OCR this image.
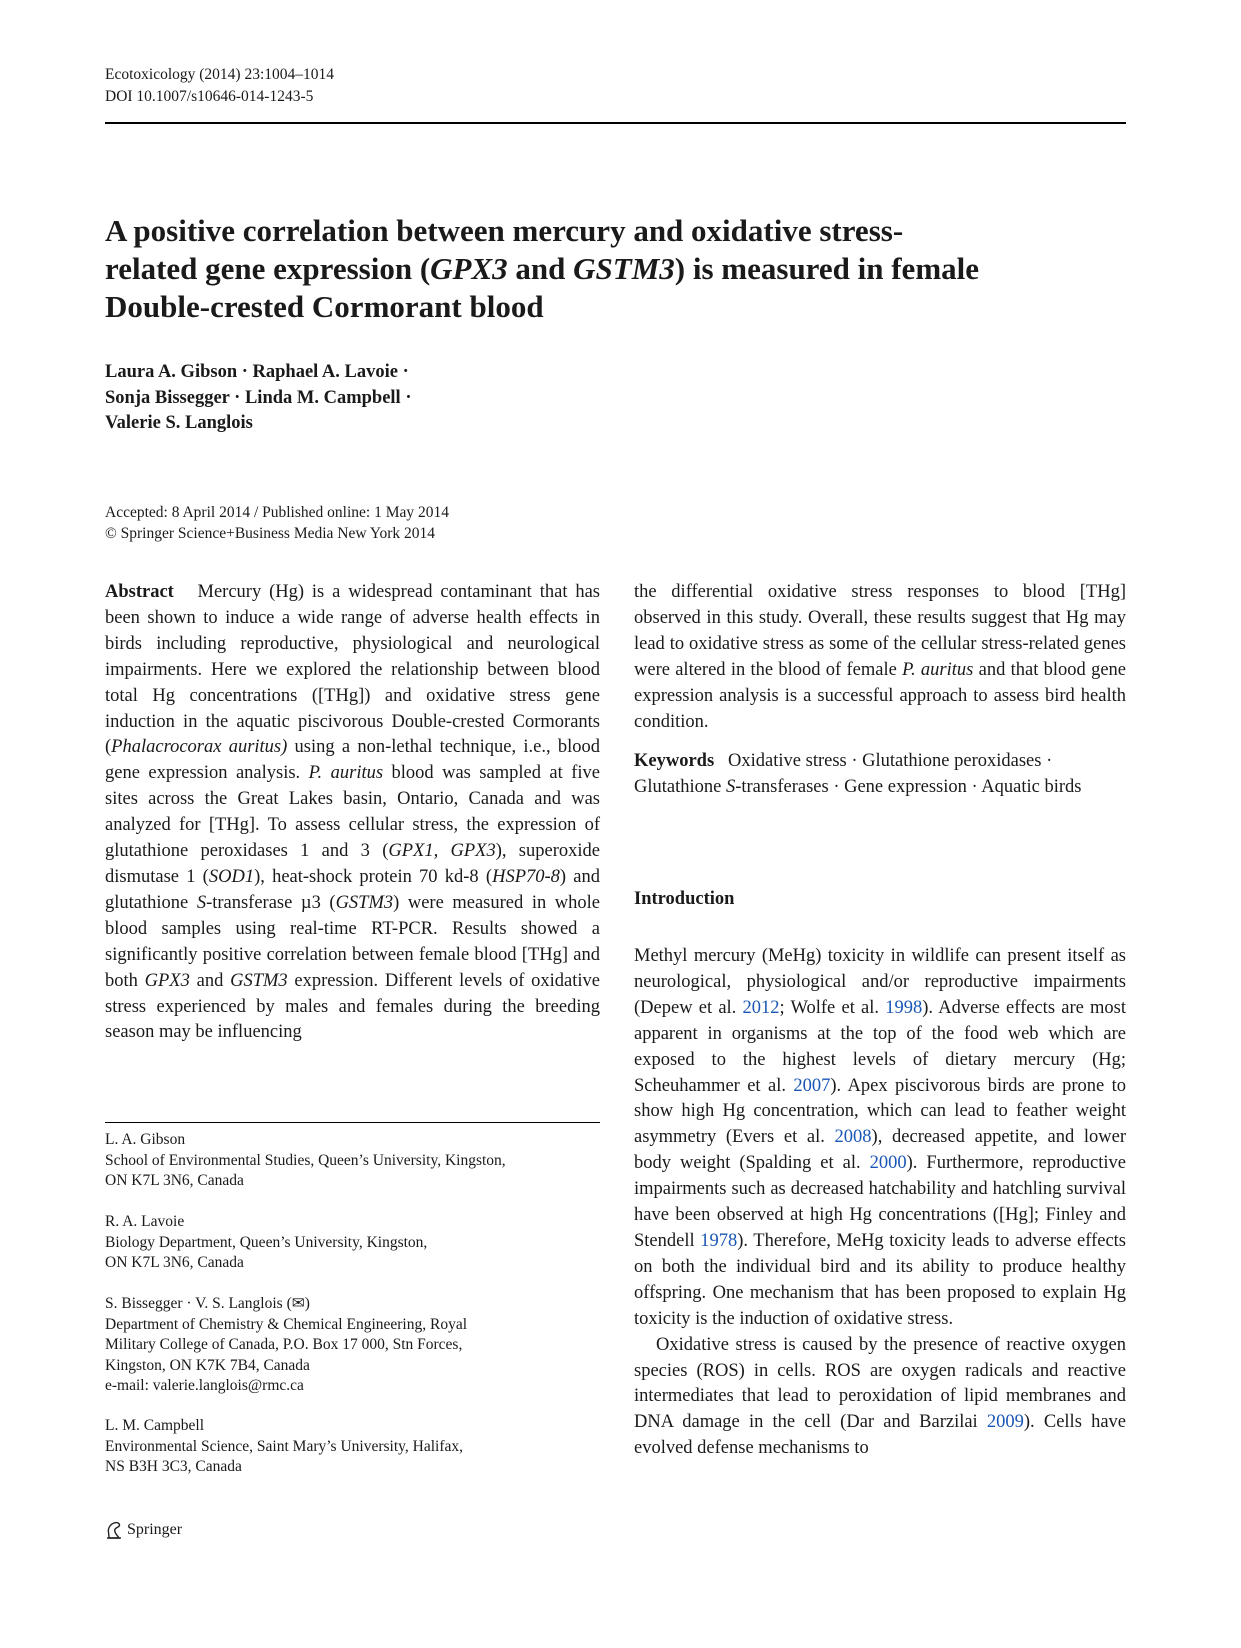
Ecotoxicology (2014) 23:1004–1014
DOI 10.1007/s10646-014-1243-5
A positive correlation between mercury and oxidative stress-
related gene expression (GPX3 and GSTM3) is measured in female
Double-crested Cormorant blood
Laura A. Gibson · Raphael A. Lavoie ·
Sonja Bissegger · Linda M. Campbell ·
Valerie S. Langlois
Accepted: 8 April 2014 / Published online: 1 May 2014
© Springer Science+Business Media New York 2014

Abstract Mercury (Hg) is a widespread contaminant that has been shown to induce a wide range of adverse health effects in birds including reproductive, physiological and neurological impairments. Here we explored the relationship between blood total Hg concentrations ([THg]) and oxidative stress gene induction in the aquatic piscivorous Double-crested Cormorants (Phalacrocorax auritus) using a non-lethal technique, i.e., blood gene expression analysis. P. auritus blood was sampled at five sites across the Great Lakes basin, Ontario, Canada and was analyzed for [THg]. To assess cellular stress, the expression of glutathione peroxidases 1 and 3 (GPX1, GPX3), superoxide dismutase 1 (SOD1), heat-shock protein 70 kd-8 (HSP70-8) and glutathione S-transferase µ3 (GSTM3) were measured in whole blood samples using real-time RT-PCR. Results showed a significantly positive correlation between female blood [THg] and both GPX3 and GSTM3 expression. Different levels of oxidative stress experienced by males and females during the breeding season may be influencing

the differential oxidative stress responses to blood [THg] observed in this study. Overall, these results suggest that Hg may lead to oxidative stress as some of the cellular stress-related genes were altered in the blood of female P. auritus and that blood gene expression analysis is a successful approach to assess bird health condition.

Keywords Oxidative stress · Glutathione peroxidases · Glutathione S-transferases · Gene expression · Aquatic birds

Introduction

Methyl mercury (MeHg) toxicity in wildlife can present itself as neurological, physiological and/or reproductive impairments (Depew et al. 2012; Wolfe et al. 1998). Adverse effects are most apparent in organisms at the top of the food web which are exposed to the highest levels of dietary mercury (Hg; Scheuhammer et al. 2007). Apex piscivorous birds are prone to show high Hg concentration, which can lead to feather weight asymmetry (Evers et al. 2008), decreased appetite, and lower body weight (Spalding et al. 2000). Furthermore, reproductive impairments such as decreased hatchability and hatchling survival have been observed at high Hg concentrations ([Hg]; Finley and Stendell 1978). Therefore, MeHg toxicity leads to adverse effects on both the individual bird and its ability to produce healthy offspring. One mechanism that has been proposed to explain Hg toxicity is the induction of oxidative stress.

Oxidative stress is caused by the presence of reactive oxygen species (ROS) in cells. ROS are oxygen radicals and reactive intermediates that lead to peroxidation of lipid membranes and DNA damage in the cell (Dar and Barzilai 2009). Cells have evolved defense mechanisms to

L. A. Gibson
School of Environmental Studies, Queen’s University, Kingston,
ON K7L 3N6, Canada
R. A. Lavoie
Biology Department, Queen’s University, Kingston,
ON K7L 3N6, Canada
S. Bissegger · V. S. Langlois (✉)
Department of Chemistry & Chemical Engineering, Royal
Military College of Canada, P.O. Box 17 000, Stn Forces,
Kingston, ON K7K 7B4, Canada
e-mail: valerie.langlois@rmc.ca
L. M. Campbell
Environmental Science, Saint Mary’s University, Halifax,
NS B3H 3C3, Canada
Springer
